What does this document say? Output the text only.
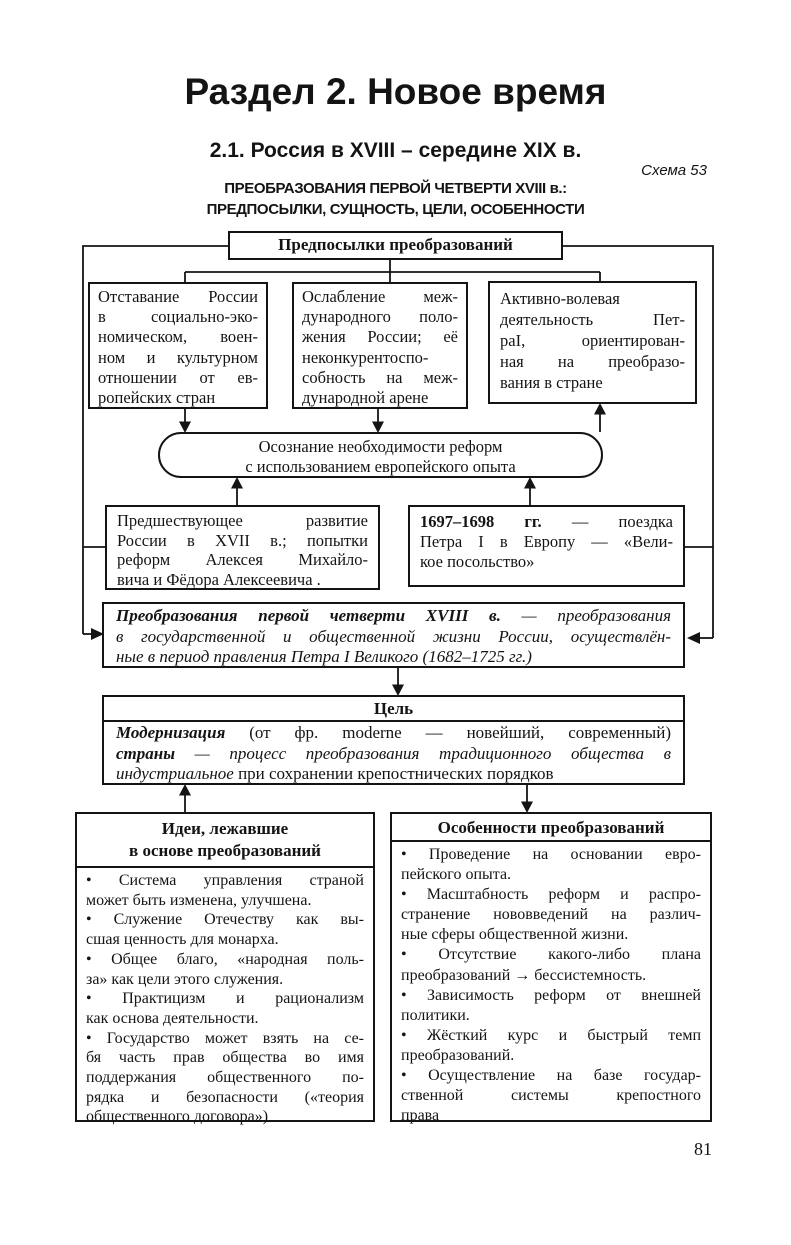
Раздел 2. Новое время
2.1. Россия в XVIII – середине XIX в.
Схема 53
ПРЕОБРАЗОВАНИЯ ПЕРВОЙ ЧЕТВЕРТИ XVIII в.:
ПРЕДПОСЫЛКИ, СУЩНОСТЬ, ЦЕЛИ, ОСОБЕННОСТИ
Предпосылки преобразований
Отставание России
в социально-эко-
номическом, воен-
ном и культурном
отношении от ев-
ропейских стран
Ослабление меж-
дународного поло-
жения России; её
неконкурентоспо-
собность на меж-
дународной арене
Активно-волевая
деятельность Пет-
раI, ориентирован-
ная на преобразо-
вания в стране
Осознание необходимости реформ
с использованием европейского опыта
Предшествующее развитие
России в XVII в.; попытки
реформ Алексея Михайло-
вича и Фёдора Алексеевича .
1697–1698 гг. — поездка
Петра I в Европу — «Вели-
кое посольство»
Преобразования первой четверти XVIII в. — преобразования
в государственной и общественной жизни России, осуществлён-
ные в период правления Петра I Великого (1682–1725 гг.)
Цель
Модернизация (от фр. moderne — новейший, современный)
страны — процесс преобразования традиционного общества в
индустриальное при сохранении крепостнических порядков
Идеи, лежавшие
в основе преобразований
• Система управления страной
может быть изменена, улучшена.
• Служение Отечеству как вы-
сшая ценность для монарха.
• Общее благо, «народная поль-
за» как цели этого служения.
• Практицизм и рационализм
как основа деятельности.
• Государство может взять на се-
бя часть прав общества во имя
поддержания общественного по-
рядка и безопасности («теория
общественного договора»)
Особенности преобразований
• Проведение на основании евро-
пейского опыта.
• Масштабность реформ и распро-
странение нововведений на различ-
ные сферы общественной жизни.
• Отсутствие какого-либо плана
преобразований → бессистемность.
• Зависимость реформ от внешней
политики.
• Жёсткий курс и быстрый темп
преобразований.
• Осуществление на базе государ-
ственной системы крепостного
права
81
